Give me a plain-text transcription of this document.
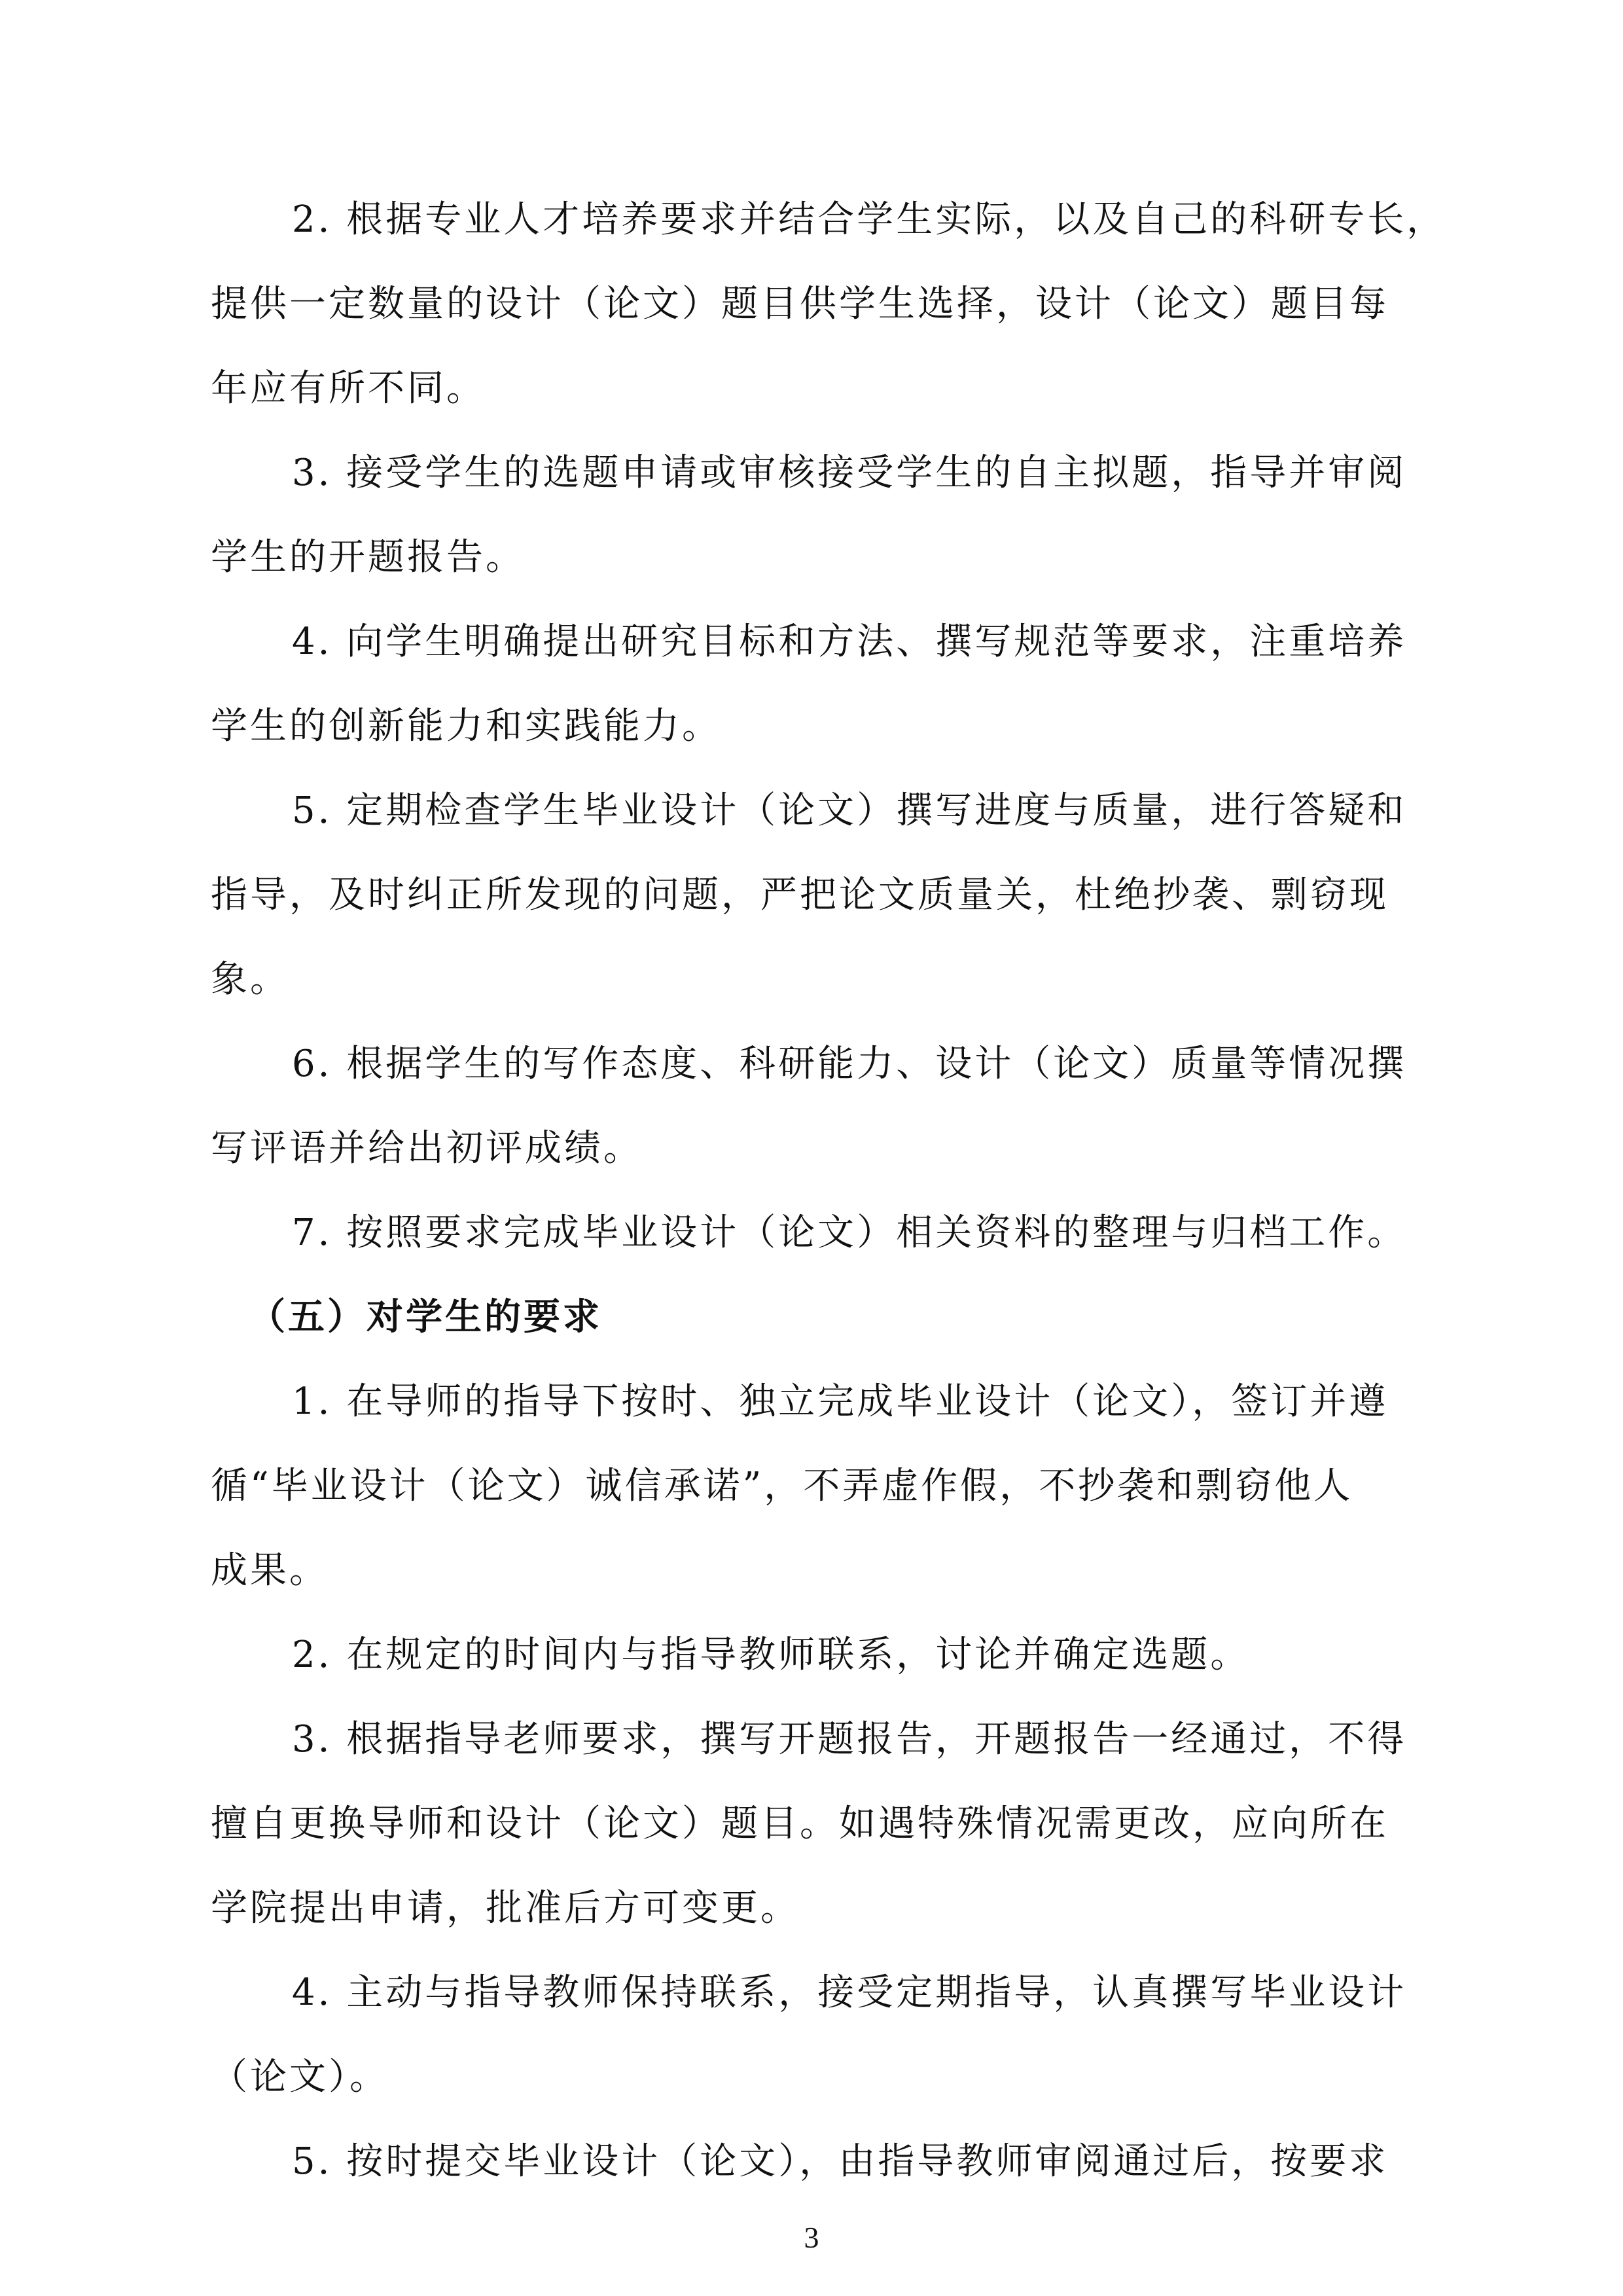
2. 根据专业人才培养要求并结合学生实际，以及自己的科研专长，
提供一定数量的设计（论文）题目供学生选择，设计（论文）题目每
年应有所不同。
3. 接受学生的选题申请或审核接受学生的自主拟题，指导并审阅
学生的开题报告。
4. 向学生明确提出研究目标和方法、撰写规范等要求，注重培养
学生的创新能力和实践能力。
5. 定期检查学生毕业设计（论文）撰写进度与质量，进行答疑和
指导，及时纠正所发现的问题，严把论文质量关，杜绝抄袭、剽窃现
象。
6. 根据学生的写作态度、科研能力、设计（论文）质量等情况撰
写评语并给出初评成绩。
7. 按照要求完成毕业设计（论文）相关资料的整理与归档工作。
（五）对学生的要求
1. 在导师的指导下按时、独立完成毕业设计（论文），签订并遵
循“毕业设计（论文）诚信承诺”，不弄虚作假，不抄袭和剽窃他人
成果。
2. 在规定的时间内与指导教师联系，讨论并确定选题。
3. 根据指导老师要求，撰写开题报告，开题报告一经通过，不得
擅自更换导师和设计（论文）题目。如遇特殊情况需更改，应向所在
学院提出申请，批准后方可变更。
4. 主动与指导教师保持联系，接受定期指导，认真撰写毕业设计
（论文）。
5. 按时提交毕业设计（论文），由指导教师审阅通过后，按要求
3
